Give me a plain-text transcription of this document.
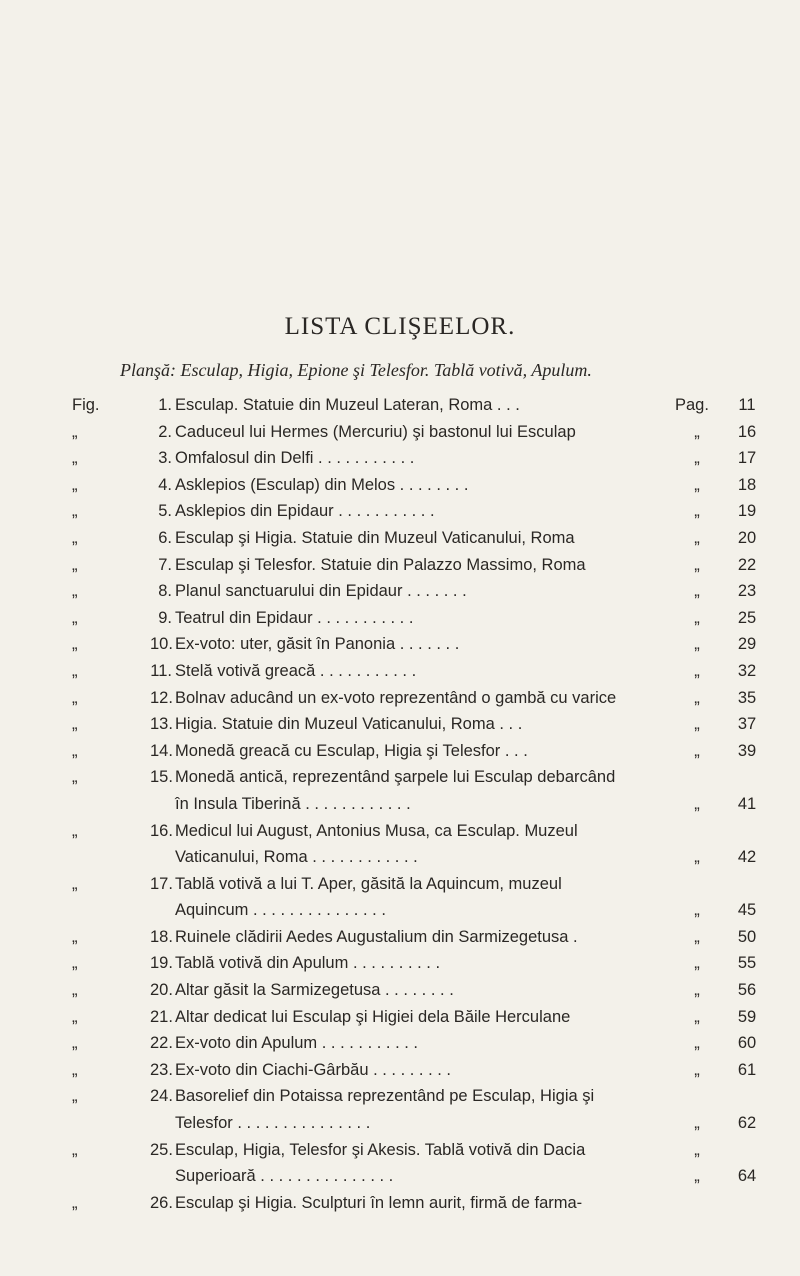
LISTA CLIŞEELOR.
Planşă: Esculap, Higia, Epione şi Telesfor. Tablă votivă, Apulum.
Fig.	1. Esculap. Statuie din Muzeul Lateran, Roma . . .	Pag.	11
„	2. Caduceul lui Hermes (Mercuriu) şi bastonul lui Esculap	„	16
„	3. Omfalosul din Delfi . . . . . . . . . . .	„	17
„	4. Asklepios (Esculap) din Melos . . . . . . . .	„	18
„	5. Asklepios din Epidaur . . . . . . . . . . .	„	19
„	6. Esculap şi Higia. Statuie din Muzeul Vaticanului, Roma	„	20
„	7. Esculap şi Telesfor. Statuie din Palazzo Massimo, Roma	„	22
„	8. Planul sanctuarului din Epidaur . . . . . . .	„	23
„	9. Teatrul din Epidaur . . . . . . . . . . .	„	25
„	10. Ex-voto: uter, găsit în Panonia . . . . . . .	„	29
„	11. Stelă votivă greacă . . . . . . . . . . .	„	32
„	12. Bolnav aducând un ex-voto reprezentând o gambă cu varice	„	35
„	13. Higia. Statuie din Muzeul Vaticanului, Roma . . .	„	37
„	14. Monedă greacă cu Esculap, Higia şi Telesfor . . .	„	39
„	15. Monedă antică, reprezentând şarpele lui Esculap debarcând
în Insula Tiberină . . . . . . . . . . . .	„	41
„	16. Medicul lui August, Antonius Musa, ca Esculap. Muzeul
Vaticanului, Roma . . . . . . . . . . . .	„	42
„	17. Tablă votivă a lui T. Aper, găsită la Aquincum, muzeul
Aquincum . . . . . . . . . . . . . . .	„	45
„	18. Ruinele clădirii Aedes Augustalium din Sarmizegetusa .	„	50
„	19. Tablă votivă din Apulum . . . . . . . . . .	„	55
„	20. Altar găsit la Sarmizegetusa . . . . . . . .	„	56
„	21. Altar dedicat lui Esculap şi Higiei dela Băile Herculane	„	59
„	22. Ex-voto din Apulum . . . . . . . . . . .	„	60
„	23. Ex-voto din Ciachi-Gârbău . . . . . . . . .	„	61
„	24. Basorelief din Potaissa reprezentând pe Esculap, Higia şi
Telesfor . . . . . . . . . . . . . . .	„	62
„	25. Esculap, Higia, Telesfor şi Akesis. Tablă votivă din Dacia	„
Superioară . . . . . . . . . . . . . . .	„	64
„	26. Esculap şi Higia. Sculpturi în lemn aurit, firmă de farma-
